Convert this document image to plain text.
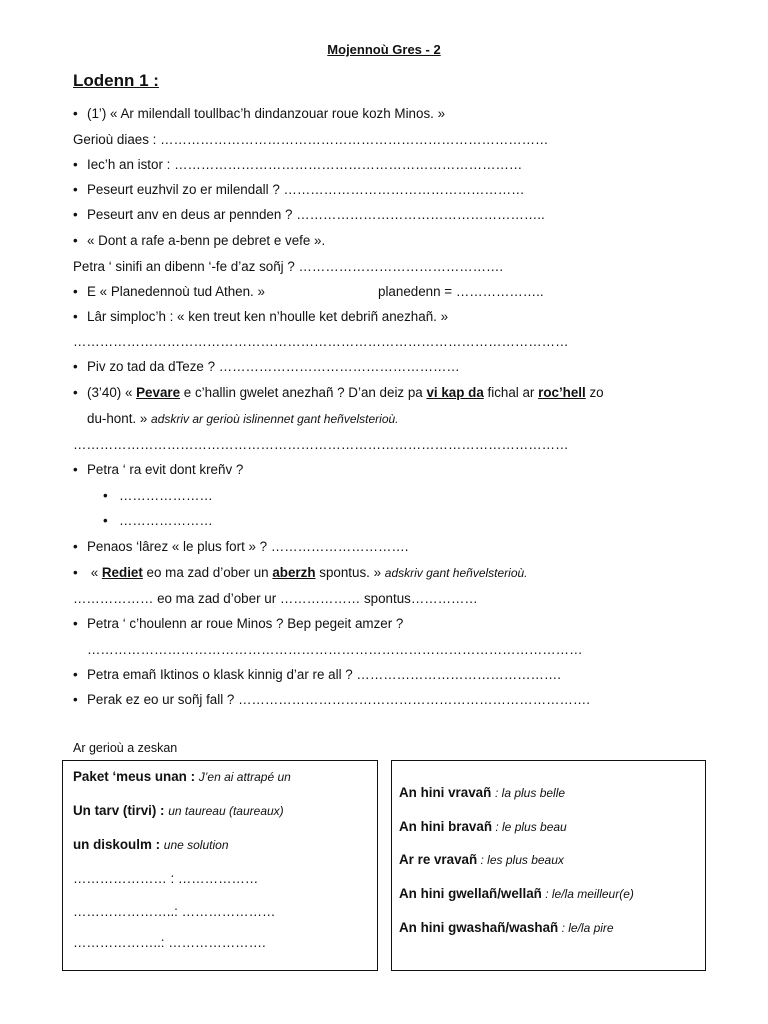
Mojennoù Gres - 2
Lodenn 1 :
• (1’) « Ar milendall toullbac’h dindanzouar roue kozh Minos. »
Gerioù diaes : ……………………………………………………………………………
• Iec’h an istor : ……………………………………………………………………
• Peseurt euzhvil zo er milendall ? ………………………………………………
• Peseurt anv en deus ar pennden ? ………………………………………………..
• « Dont a rafe a-benn pe debret e vefe ».
Petra ‘ sinifi an dibenn ‘-fe d’az soñj ? ……………………………………….
• E « Planedennoù tud Athen. »	planedenn = ………………..
• Lâr simploc’h : « ken treut ken n’houlle ket debriñ anezhañ. »
…………………………………………………………………………………………………
• Piv zo tad da dTeze ? ………………………………………………
• (3’40) « Pevare e c’hallin gwelet anezhañ ? D’an deiz pa vi kap da fichal ar roc’hell zo
du-hont. » adskriv ar gerioù islinennet gant heñvelsterioù.
…………………………………………………………………………………………………
• Petra ‘ ra evit dont kreñv ?
• …………………
• …………………
• Penaos ‘lârez « le plus fort » ? ………………………….
• « Rediet eo ma zad d’ober un aberzh spontus. » adskriv gant heñvelsterioù.
……………… eo ma zad d’ober ur ……………… spontus……………
• Petra ‘ c’houlenn ar roue Minos ? Bep pegeit amzer ?
…………………………………………………………………………………………………
• Petra emañ Iktinos o klask kinnig d’ar re all ? ……………………………………….
• Perak ez eo ur soñj fall ? …………………………………………………………………….
Ar gerioù a zeskan
Paket ‘meus unan : J’en ai attrapé un
Un tarv (tirvi) : un taureau (taureaux)
un diskoulm : une solution
………………… : ………………
…………………..: …………………
………………..: ………………….
An hini vravañ : la plus belle
An hini bravañ : le plus beau
Ar re vravañ : les plus beaux
An hini gwellañ/wellañ : le/la meilleur(e)
An hini gwashañ/washañ : le/la pire
